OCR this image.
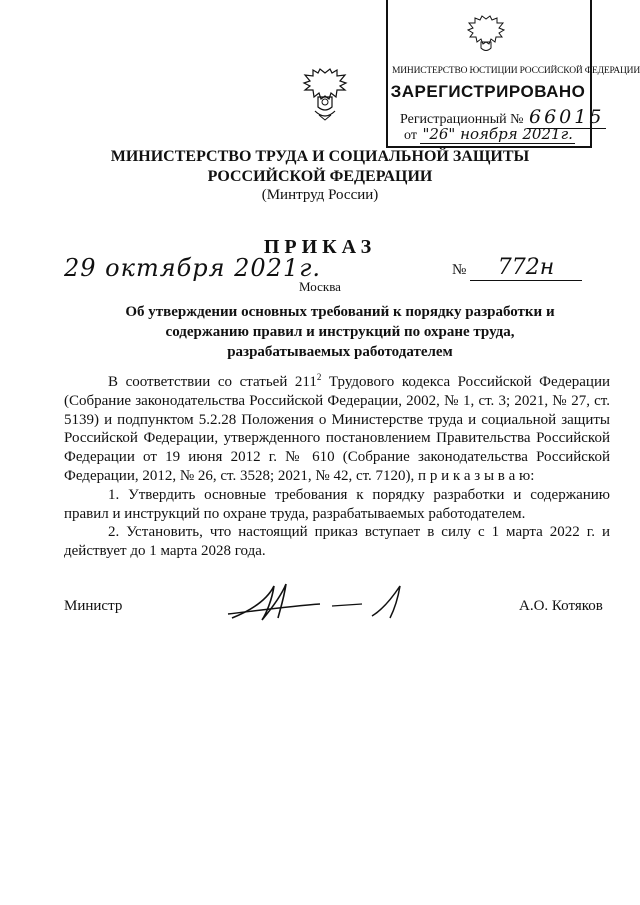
МИНИСТЕРСТВО ЮСТИЦИИ РОССИЙСКОЙ ФЕДЕРАЦИИ
ЗАРЕГИСТРИРОВАНО
Регистрационный № 66015
от "26" ноября 2021г.
МИНИСТЕРСТВО ТРУДА И СОЦИАЛЬНОЙ ЗАЩИТЫ
РОССИЙСКОЙ ФЕДЕРАЦИИ
(Минтруд России)
ПРИКАЗ
29 октября 2021г.
Москва
№	772н
Об утверждении основных требований к порядку разработки и
содержанию правил и инструкций по охране труда,
разрабатываемых работодателем

В соответствии со статьей $211^2$ Трудового кодекса Российской Федерации (Собрание законодательства Российской Федерации, 2002, № 1, ст. 3; 2021, № 27, ст. 5139) и подпунктом 5.2.28 Положения о Министерстве труда и социальной защиты Российской Федерации, утвержденного постановлением Правительства Российской Федерации от 19 июня 2012 г. № 610 (Собрание законодательства Российской Федерации, 2012, № 26, ст. 3528; 2021, № 42, ст. 7120), п р и к а з ы в а ю:

1. Утвердить основные требования к порядку разработки и содержанию правил и инструкций по охране труда, разрабатываемых работодателем.

2. Установить, что настоящий приказ вступает в силу с 1 марта 2022 г. и действует до 1 марта 2028 года.

Министр	А.О. Котяков
